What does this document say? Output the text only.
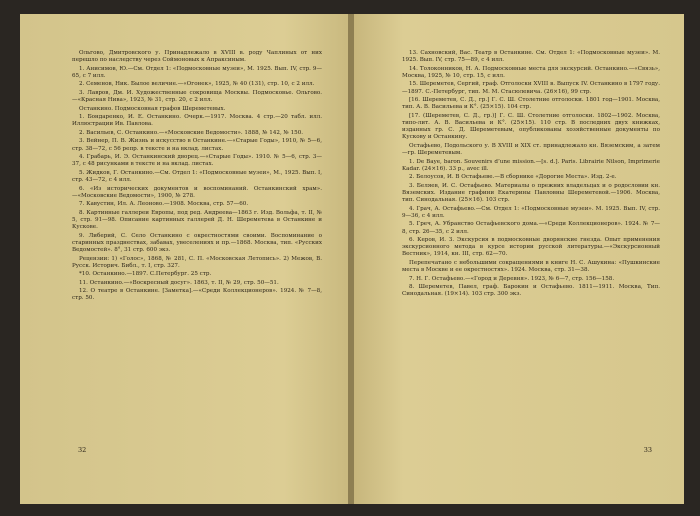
Ольгово, Дмитровского у. Принадлежало в XVIII в. роду Чаплиных от них перешло по наследству через Соймоновых к Апраксиным.

1. Анисимов, Ю.—См. Отдел 1: «Подмосковные музеи», М. 1925. Вып. IV, стр. 9—65, с 7 илл.

2. Семенов, Ник. Былое величие.—«Огонек», 1925, № 40 (131), стр. 10, с 2 илл.

3. Лавров, Дм. И. Художественные сокровища Москвы. Подмосковье. Ольгово.—«Красная Нива», 1923, № 31, стр. 20, с 2 илл.

Останкино. Подмосковная графов Шереметевых.

1. Бондаренко, И. Е. Останкино. Очерк.—1917. Москва. 4 стр.—20 табл. илл. Иллюстрации Ив. Павлова.

2. Васильев, С. Останкино.—«Московские Ведомости». 1888, № 142, № 150.

3. Вейнер, П. В. Жизнь и искусство в Останкине.—«Старые Годы», 1910, № 5—6, стр. 38—72, с 56 репр. в тексте и на вклад. листах.

4. Грабарь, И. Э. Останкинский дворец.—«Старые Годы». 1910. № 5—6, стр. 3—37, с 48 рисунками в тексте и на вклад. листах.

5. Жидков, Г. Останкино.—См. Отдел 1: «Подмосковные музеи», М., 1925. Вып. I, стр. 43—72, с 4 илл.

6. «Из исторических документов и воспоминаний. Останкинский храм».—«Московские Ведомости», 1900, № 278.

7. Кавустин, Ил. А. Леоново.—1908. Москва, стр. 57—60.

8. Картинные галлереи Европы, под ред. Андреева—1863 г. Изд. Вольфа, т. II, № 5, стр. 91—98. Описание картинных галлерей Д. Н. Шереметева в Останкине и Кускове.

9. Либерий, С. Село Останкино с окрестностями своими. Воспоминание о старинных празднествах, забавах, увеселениях и пр.—1868. Москва, тип. «Русских Ведомостей». 8°, 31 стр. 600 экз.

Рецензии: 1) «Голос», 1868, № 281, С. П. «Московская Летопись». 2) Межов, В. Русск. Историч. Библ., т. I, стр. 327.

*10. Останкино.—1897. С.Петербург. 25 стр.

11. Останкино.—«Воскресный досуг». 1863, т. II, № 29, стр. 50—51.

12. О театре в Останкине. [Заметка].—«Среди Коллекционеров». 1924. № 7—8, стр. 50.

32

13. Сахновский, Вас. Театр в Останкине. См. Отдел 1: «Подмосковные музеи». М. 1925. Вып. IV, стр. 75—89, с 4 илл.

14. Толоконников, Н. А. Подмосковные места для экскурсий. Останкино.—«Связь», Москва, 1925, № 10, стр. 15, с илл.

15. Шереметев, Сергий, граф. Отголоски XVIII в. Выпуск IV. Останкино в 1797 году.—1897. С.-Петербург, тип. М. М. Стасюлевича. (26×16), 99 стр.

[16. Шереметев, С. Д., гр.] Г. С. Ш. Столетние отголоски. 1801 год—1901. Москва, тип. А. В. Васильева и К°. (25×15). 104 стр.

[17. (Шереметев, С. Д., гр.)] Г. С. Ш. Столетние отголоски. 1802—1902. Москва, типо-лит. А. В. Васильева и К°. (25×15). 110 стр. В последних двух книжках, изданных гр. С. Д. Шереметевым, опубликованы хозяйственные документы по Кускову и Останкину.

Остафьево, Подольского у. В XVIII и XIX ст. принадлежало кн. Вяземским, а затем—гр. Шереметевым.

1. De Baye, baron. Souvenirs d’une mission.—[s. d.]. Paris. Librairie Nilson, Imprimerie Kadar. (24×16). 33 p., avec ill.

2. Белоусов, И. В Остафьеве.—В сборнике «Дорогие Места». Изд. 2-е.

3. Беляев, И. С. Остафьево. Материалы о прежних владельцах и о родословии кн. Вяземских. Издание графини Екатерины Павловны Шереметевой.—1906. Москва, тип. Синодальная. (25×16). 103 стр.

4. Грач, А. Остафьево.—См. Отдел 1: «Подмосковные музеи». М. 1925. Вып. IV, стр. 9—36, с 4 илл.

5. Греч, А. Убранство Остафьевского дома.—«Среди Коллекционеров». 1924. № 7—8, стр. 26—35, с 2 илл.

6. Керов, И. З. Экскурсия в подмосковные дворянские гнезда. Опыт применения экскурсионного метода в курсе истории русской литературы.—«Экскурсионный Вестник», 1914, кн. III, стр. 62—70.

Перепечатано с небольшими сокращениями в книге Н. С. Ашукина: «Пушкинские места в Москве и ее окрестностях». 1924. Москва, стр. 31—38.

7. Н. Г. Остафьево.—«Город и Деревня». 1923, № 6—7, стр. 156—158.

8. Шереметев, Павел, граф. Барокин и Остафьево. 1811—1911. Москва, Тип. Синодальная. (19×14). 103 стр. 300 экз.

33
